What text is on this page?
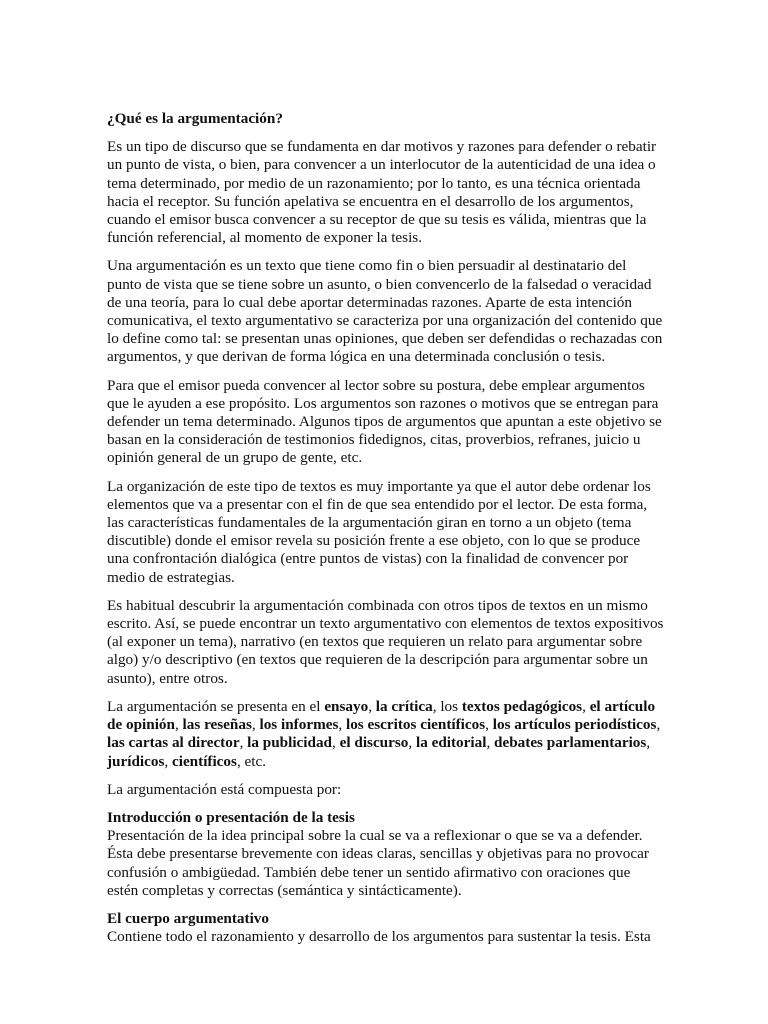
¿Qué es la argumentación?

Es un tipo de discurso que se fundamenta en dar motivos y razones para defender o rebatir un punto de vista, o bien, para convencer a un interlocutor de la autenticidad de una idea o tema determinado, por medio de un razonamiento; por lo tanto, es una técnica orientada hacia el receptor. Su función apelativa se encuentra en el desarrollo de los argumentos, cuando el emisor busca convencer a su receptor de que su tesis es válida, mientras que la función referencial, al momento de exponer la tesis.

Una argumentación es un texto que tiene como fin o bien persuadir al destinatario del punto de vista que se tiene sobre un asunto, o bien convencerlo de la falsedad o veracidad de una teoría, para lo cual debe aportar determinadas razones. Aparte de esta intención comunicativa, el texto argumentativo se caracteriza por una organización del contenido que lo define como tal: se presentan unas opiniones, que deben ser defendidas o rechazadas con argumentos, y que derivan de forma lógica en una determinada conclusión o tesis.

Para que el emisor pueda convencer al lector sobre su postura, debe emplear argumentos que le ayuden a ese propósito. Los argumentos son razones o motivos que se entregan para defender un tema determinado. Algunos tipos de argumentos que apuntan a este objetivo se basan en la consideración de testimonios fidedignos, citas, proverbios, refranes, juicio u opinión general de un grupo de gente, etc.

La organización de este tipo de textos es muy importante ya que el autor debe ordenar los elementos que va a presentar con el fin de que sea entendido por el lector. De esta forma, las características fundamentales de la argumentación giran en torno a un objeto (tema discutible) donde el emisor revela su posición frente a ese objeto, con lo que se produce una confrontación dialógica (entre puntos de vistas) con la finalidad de convencer por medio de estrategias.

Es habitual descubrir la argumentación combinada con otros tipos de textos en un mismo escrito. Así, se puede encontrar un texto argumentativo con elementos de textos expositivos (al exponer un tema), narrativo (en textos que requieren un relato para argumentar sobre algo) y/o descriptivo (en textos que requieren de la descripción para argumentar sobre un asunto), entre otros.

La argumentación se presenta en el ensayo, la crítica, los textos pedagógicos, el artículo de opinión, las reseñas, los informes, los escritos científicos, los artículos periodísticos, las cartas al director, la publicidad, el discurso, la editorial, debates parlamentarios, jurídicos, científicos, etc.

La argumentación está compuesta por:

Introducción o presentación de la tesis
Presentación de la idea principal sobre la cual se va a reflexionar o que se va a defender. Ésta debe presentarse brevemente con ideas claras, sencillas y objetivas para no provocar confusión o ambigüedad. También debe tener un sentido afirmativo con oraciones que estén completas y correctas (semántica y sintácticamente).

El cuerpo argumentativo
Contiene todo el razonamiento y desarrollo de los argumentos para sustentar la tesis. Esta
